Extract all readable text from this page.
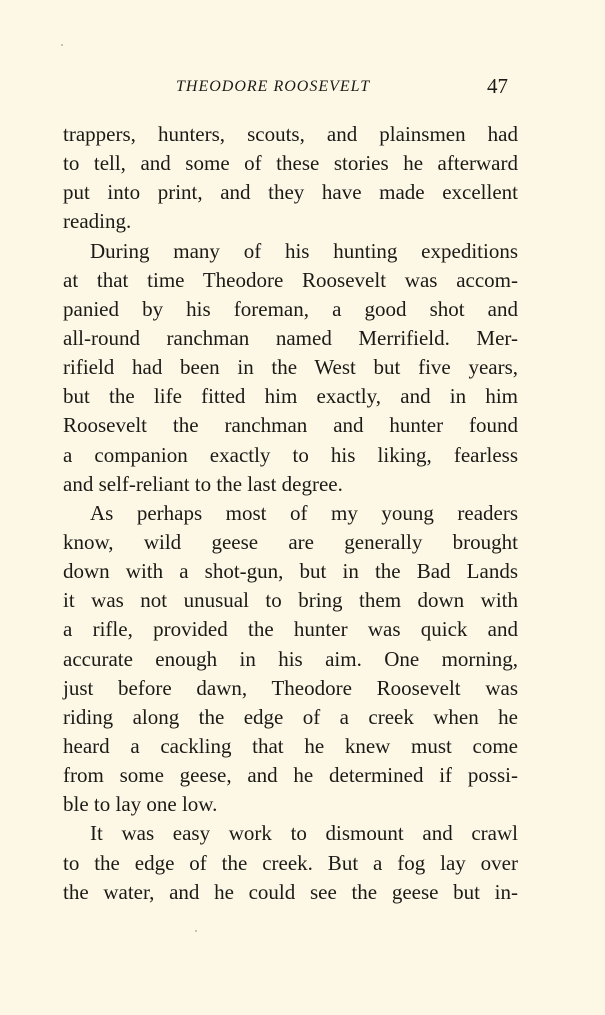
THEODORE ROOSEVELT	47
trappers, hunters, scouts, and plainsmen had
to tell, and some of these stories he afterward
put into print, and they have made excellent
reading.
During many of his hunting expeditions
at that time Theodore Roosevelt was accom-
panied by his foreman, a good shot and
all-round ranchman named Merrifield. Mer-
rifield had been in the West but five years,
but the life fitted him exactly, and in him
Roosevelt the ranchman and hunter found
a companion exactly to his liking, fearless
and self-reliant to the last degree.
As perhaps most of my young readers
know, wild geese are generally brought
down with a shot-gun, but in the Bad Lands
it was not unusual to bring them down with
a rifle, provided the hunter was quick and
accurate enough in his aim. One morning,
just before dawn, Theodore Roosevelt was
riding along the edge of a creek when he
heard a cackling that he knew must come
from some geese, and he determined if possi-
ble to lay one low.
It was easy work to dismount and crawl
to the edge of the creek. But a fog lay over
the water, and he could see the geese but in-
